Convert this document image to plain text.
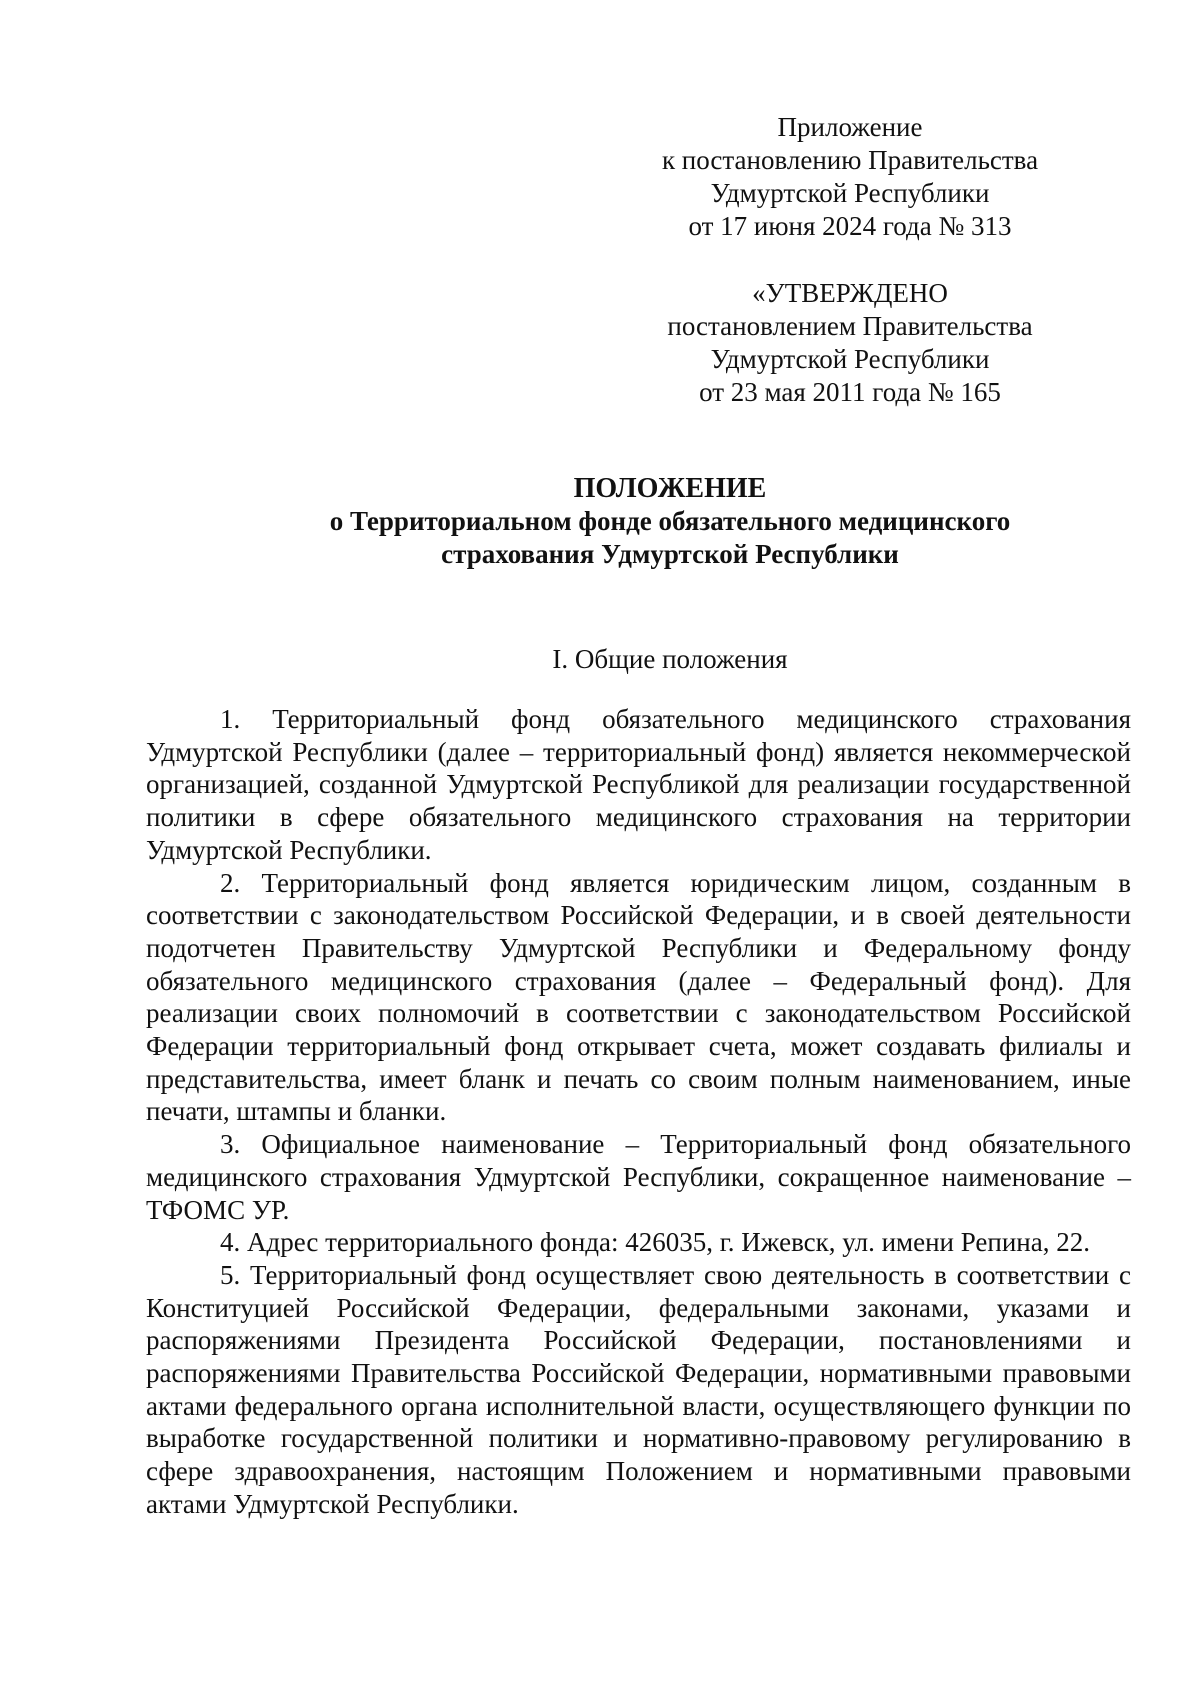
Приложение
к постановлению Правительства
Удмуртской Республики
от 17 июня 2024 года № 313
«УТВЕРЖДЕНО
постановлением Правительства
Удмуртской Республики
от 23 мая 2011 года № 165
ПОЛОЖЕНИЕ
о Территориальном фонде обязательного медицинского
страхования Удмуртской Республики
I. Общие положения

1. Территориальный фонд обязательного медицинского страхования Удмуртской Республики (далее – территориальный фонд) является некоммерческой организацией, созданной Удмуртской Республикой для реализации государственной политики в сфере обязательного медицинского страхования на территории Удмуртской Республики.

2. Территориальный фонд является юридическим лицом, созданным в соответствии с законодательством Российской Федерации, и в своей деятельности подотчетен Правительству Удмуртской Республики и Федеральному фонду обязательного медицинского страхования (далее – Федеральный фонд). Для реализации своих полномочий в соответствии с законодательством Российской Федерации территориальный фонд открывает счета, может создавать филиалы и представительства, имеет бланк и печать со своим полным наименованием, иные печати, штампы и бланки.

3. Официальное наименование – Территориальный фонд обязательного медицинского страхования Удмуртской Республики, сокращенное наименование – ТФОМС УР.

4. Адрес территориального фонда: 426035, г. Ижевск, ул. имени Репина, 22.

5. Территориальный фонд осуществляет свою деятельность в соответствии с Конституцией Российской Федерации, федеральными законами, указами и распоряжениями Президента Российской Федерации, постановлениями и распоряжениями Правительства Российской Федерации, нормативными правовыми актами федерального органа исполнительной власти, осуществляющего функции по выработке государственной политики и нормативно-правовому регулированию в сфере здравоохранения, настоящим Положением и нормативными правовыми актами Удмуртской Республики.
